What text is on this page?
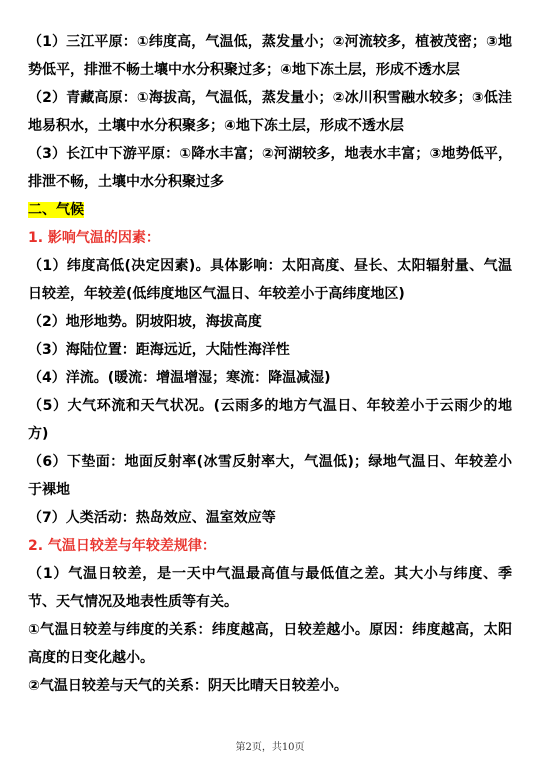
（1）三江平原：①纬度高，气温低，蒸发量小；②河流较多，植被茂密；③地势低平，排泄不畅土壤中水分积聚过多；④地下冻土层，形成不透水层

（2）青藏高原：①海拔高，气温低，蒸发量小；②冰川积雪融水较多；③低洼地易积水，土壤中水分积聚多；④地下冻土层，形成不透水层

（3）长江中下游平原：①降水丰富；②河湖较多，地表水丰富；③地势低平，排泄不畅，土壤中水分积聚过多

二、气候

1. 影响气温的因素：

（1）纬度高低(决定因素)。具体影响：太阳高度、昼长、太阳辐射量、气温日较差，年较差(低纬度地区气温日、年较差小于高纬度地区)

（2）地形地势。阴坡阳坡，海拔高度

（3）海陆位置：距海远近，大陆性海洋性

（4）洋流。(暖流：增温增湿；寒流：降温减湿)

（5）大气环流和天气状况。(云雨多的地方气温日、年较差小于云雨少的地方)

（6）下垫面：地面反射率(冰雪反射率大，气温低)；绿地气温日、年较差小于裸地

（7）人类活动：热岛效应、温室效应等

2. 气温日较差与年较差规律：

（1）气温日较差，是一天中气温最高值与最低值之差。其大小与纬度、季节、天气情况及地表性质等有关。

①气温日较差与纬度的关系：纬度越高，日较差越小。原因：纬度越高，太阳高度的日变化越小。

②气温日较差与天气的关系：阴天比晴天日较差小。

第2页，共10页
